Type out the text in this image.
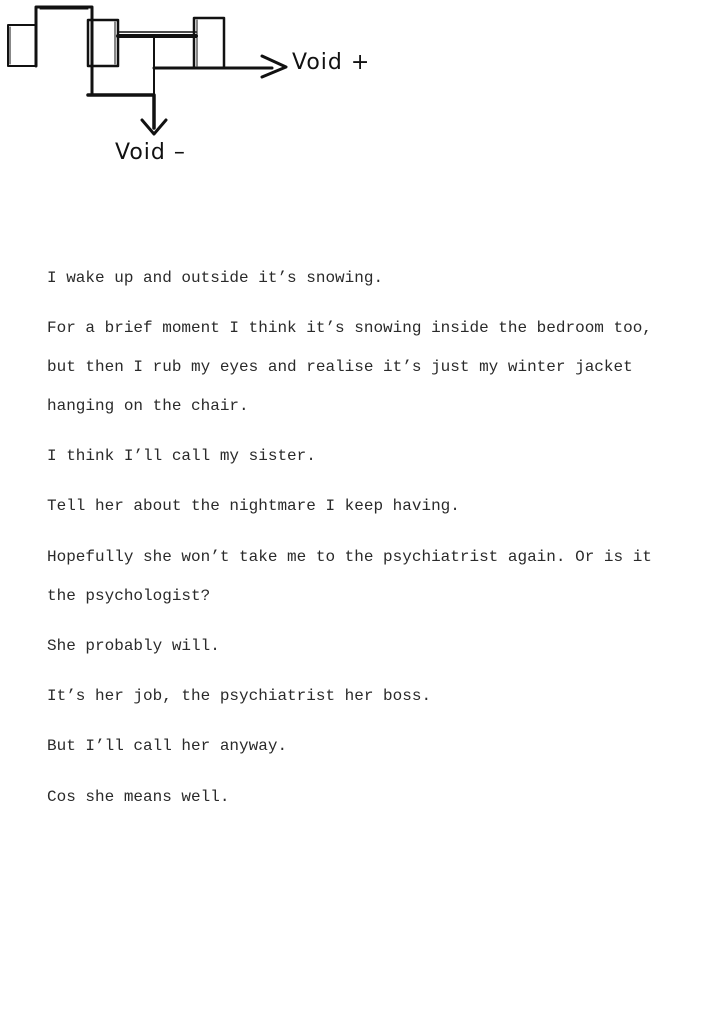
Void +
Void –

I wake up and outside it’s snowing.

For a brief moment I think it’s snowing inside the bedroom too, but then I rub my eyes and realise it’s just my winter jacket hanging on the chair.

I think I’ll call my sister.

Tell her about the nightmare I keep having.

Hopefully she won’t take me to the psychiatrist again. Or is it the psychologist?

She probably will.

It’s her job, the psychiatrist her boss.

But I’ll call her anyway.

Cos she means well.
